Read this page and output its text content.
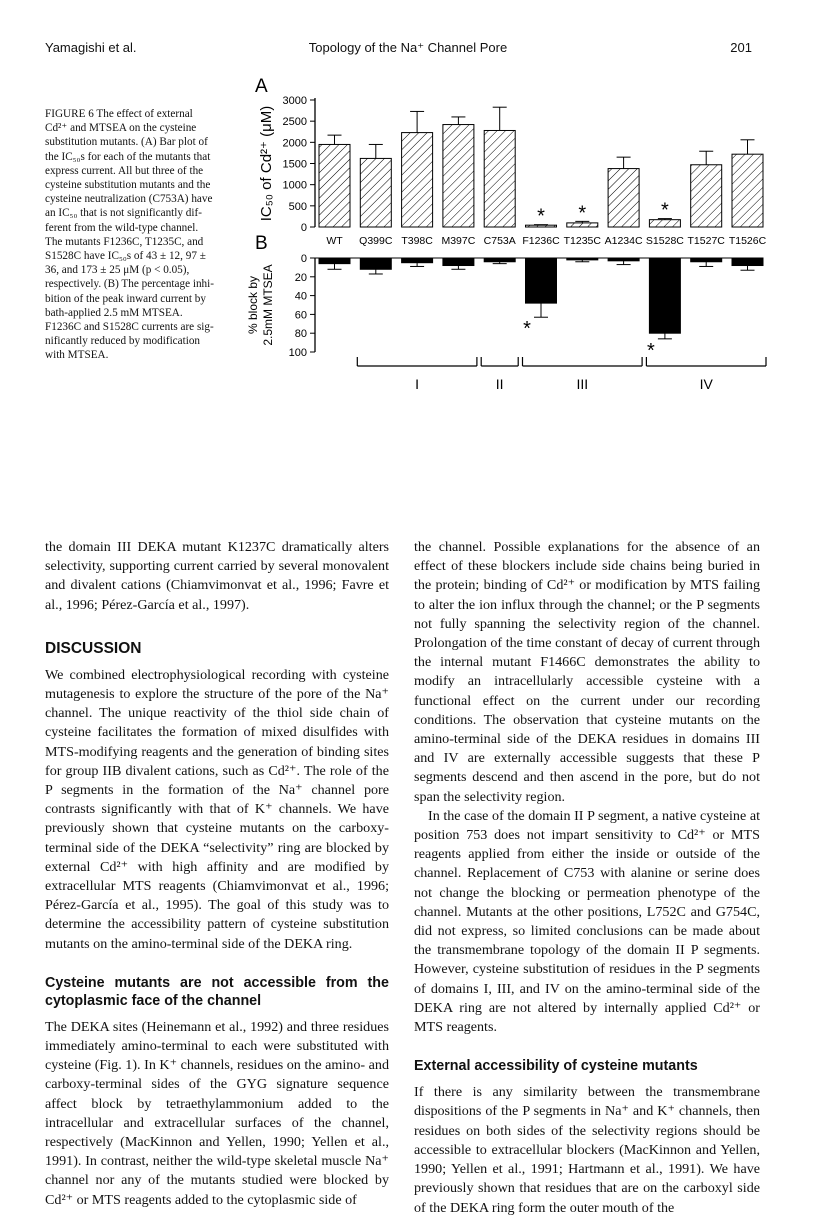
Yamagishi et al.	Topology of the Na⁺ Channel Pore	201

FIGURE 6 The effect of external

Cd²⁺ and MTSEA on the cysteine

substitution mutants. (A) Bar plot of

the IC₅₀s for each of the mutants that

express current. All but three of the

cysteine substitution mutants and the

cysteine neutralization (C753A) have

an IC₅₀ that is not significantly dif-

ferent from the wild-type channel.

The mutants F1236C, T1235C, and

S1528C have IC₅₀s of 43 ± 12, 97 ±

36, and 173 ± 25 μM (p < 0.05),

respectively. (B) The percentage inhi-

bition of the peak inward current by

bath-applied 2.5 mM MTSEA.

F1236C and S1528C currents are sig-

nificantly reduced by modification

with MTSEA.

A
0
500
1000
1500
2000
2500
3000
IC₅₀ of Cd²⁺ (μM)
WT Q399C T398C M397C C753A
*
F1236C
*
T1235C A1234C
*
S1528C T1527C T1526C
B
0
20
40
60
80
100
% block by 2.5mM MTSEA	*
*
I	II	III	IV

the domain III DEKA mutant K1237C dramatically alters selectivity, supporting current carried by several monovalent and divalent cations (Chiamvimonvat et al., 1996; Favre et al., 1996; Pérez-García et al., 1997).

DISCUSSION

We combined electrophysiological recording with cysteine mutagenesis to explore the structure of the pore of the Na⁺ channel. The unique reactivity of the thiol side chain of cysteine facilitates the formation of mixed disulfides with MTS-modifying reagents and the generation of binding sites for group IIB divalent cations, such as Cd²⁺. The role of the P segments in the formation of the Na⁺ channel pore contrasts significantly with that of K⁺ channels. We have previously shown that cysteine mutants on the carboxy-terminal side of the DEKA “selectivity” ring are blocked by external Cd²⁺ with high affinity and are modified by extracellular MTS reagents (Chiamvimonvat et al., 1996; Pérez-García et al., 1995). The goal of this study was to determine the accessibility pattern of cysteine substitution mutants on the amino-terminal side of the DEKA ring.

Cysteine mutants are not accessible from the cytoplasmic face of the channel

The DEKA sites (Heinemann et al., 1992) and three residues immediately amino-terminal to each were substituted with cysteine (Fig. 1). In K⁺ channels, residues on the amino- and carboxy-terminal sides of the GYG signature sequence affect block by tetraethylammonium added to the intracellular and extracellular surfaces of the channel, respectively (MacKinnon and Yellen, 1990; Yellen et al., 1991). In contrast, neither the wild-type skeletal muscle Na⁺ channel nor any of the mutants studied were blocked by Cd²⁺ or MTS reagents added to the cytoplasmic side of

the channel. Possible explanations for the absence of an effect of these blockers include side chains being buried in the protein; binding of Cd²⁺ or modification by MTS failing to alter the ion influx through the channel; or the P segments not fully spanning the selectivity region of the channel. Prolongation of the time constant of decay of current through the internal mutant F1466C demonstrates the ability to modify an intracellularly accessible cysteine with a functional effect on the current under our recording conditions. The observation that cysteine mutants on the amino-terminal side of the DEKA residues in domains III and IV are externally accessible suggests that these P segments descend and then ascend in the pore, but do not span the selectivity region.

In the case of the domain II P segment, a native cysteine at position 753 does not impart sensitivity to Cd²⁺ or MTS reagents applied from either the inside or outside of the channel. Replacement of C753 with alanine or serine does not change the blocking or permeation phenotype of the channel. Mutants at the other positions, L752C and G754C, did not express, so limited conclusions can be made about the transmembrane topology of the domain II P segments. However, cysteine substitution of residues in the P segments of domains I, III, and IV on the amino-terminal side of the DEKA ring are not altered by internally applied Cd²⁺ or MTS reagents.

External accessibility of cysteine mutants

If there is any similarity between the transmembrane dispositions of the P segments in Na⁺ and K⁺ channels, then residues on both sides of the selectivity regions should be accessible to extracellular blockers (MacKinnon and Yellen, 1990; Yellen et al., 1991; Hartmann et al., 1991). We have previously shown that residues that are on the carboxyl side of the DEKA ring form the outer mouth of the
